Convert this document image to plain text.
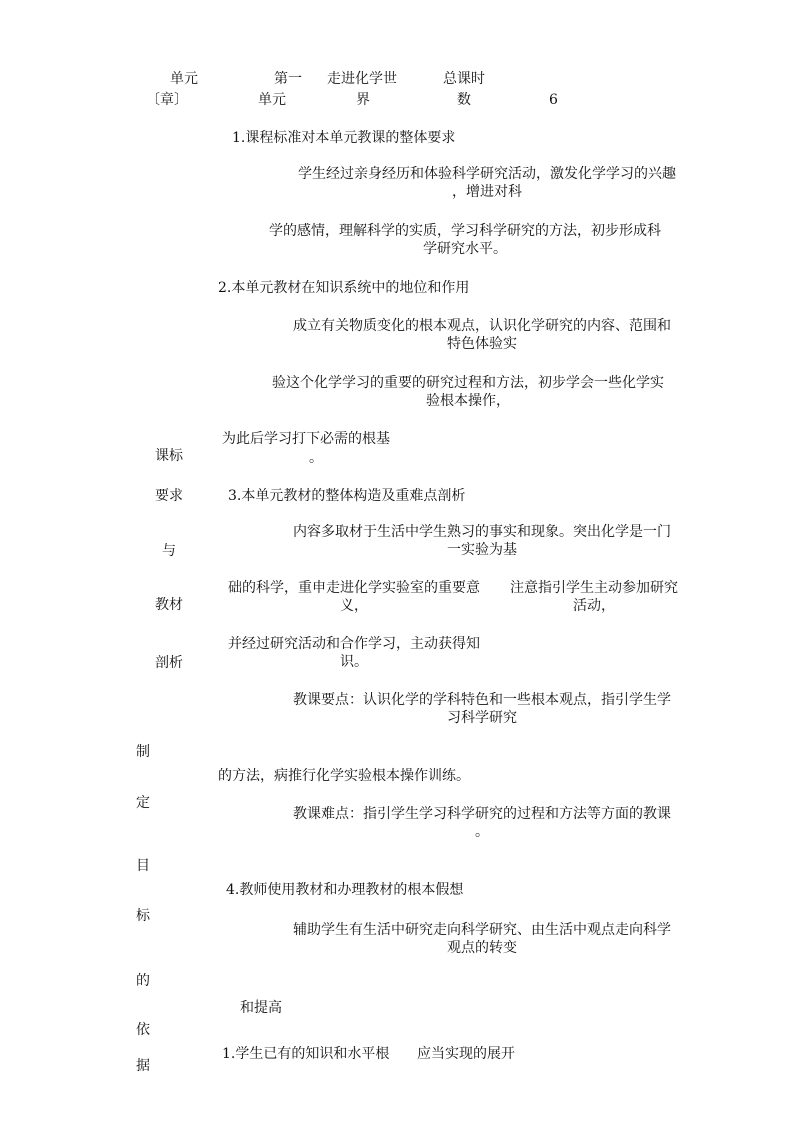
单元
〔章〕
第一
单元
走进化学世
界
总课时
数	6
课标
要求
与
教材
剖析
制
定
目
标
的
依
据
1.课程标准对本单元教课的整体要求
学生经过亲身经历和体验科学研究活动，激发化学学习的兴趣
，增进对科
学的感情，理解科学的实质，学习科学研究的方法，初步形成科
学研究水平。
2.本单元教材在知识系统中的地位和作用
成立有关物质变化的根本观点，认识化学研究的内容、范围和
特色体验实
验这个化学学习的重要的研究过程和方法，初步学会一些化学实
验根本操作，
为此后学习打下必需的根基
。
3.本单元教材的整体构造及重难点剖析
内容多取材于生活中学生熟习的事实和现象。突出化学是一门
一实验为基
础的科学，重申走进化学实验室的重要意
义，
注意指引学生主动参加研究
活动，
并经过研究活动和合作学习，主动获得知
识。
教课要点：认识化学的学科特色和一些根本观点，指引学生学
习科学研究
的方法，病推行化学实验根本操作训练。
教课难点：指引学生学习科学研究的过程和方法等方面的教课
。
4.教师使用教材和办理教材的根本假想
辅助学生有生活中研究走向科学研究、由生活中观点走向科学
观点的转变
和提高
1.学生已有的知识和水平根 应当实现的展开
